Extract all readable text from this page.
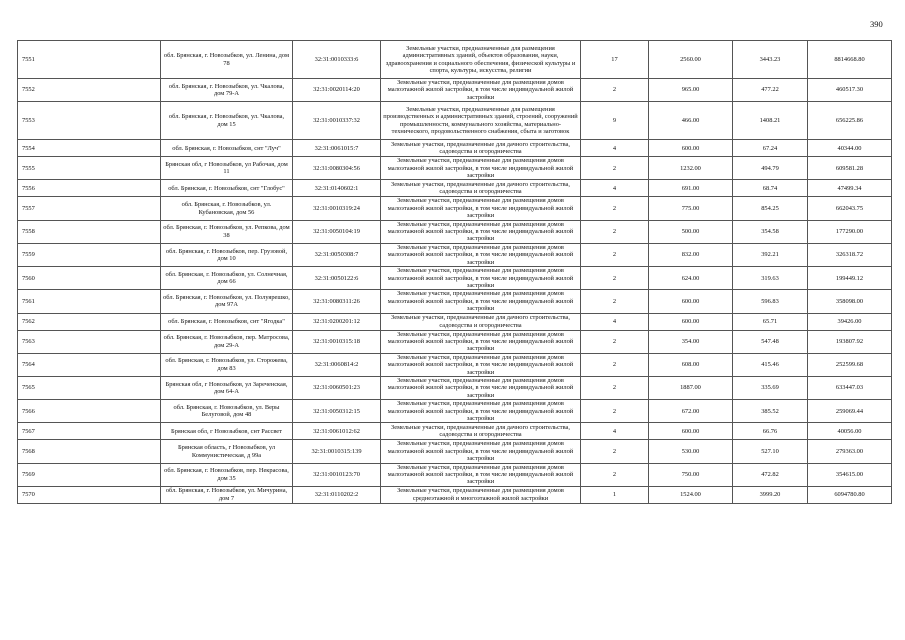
390
7551	обл. Брянская, г. Новозыбков, ул. Ленина, дом 78	32:31:0010333:6	Земельные участки, предназначенные для размещения административных зданий, объектов образования, науки, здравоохранения и социального обеспечения, физической культуры и спорта, культуры, искусства, религии	17	2560.00	3443.23	8814668.80
7552	обл. Брянская, г. Новозыбков, ул. Чкалова, дом 79-А	32:31:0020114:20	Земельные участки, предназначенные для размещения домов малоэтажной жилой застройки, в том числе индивидуальной жилой застройки	2	965.00	477.22	460517.30
7553	обл. Брянская, г. Новозыбков, ул. Чкалова, дом 15	32:31:0010337:32	Земельные участки, предназначенные для размещения производственных и административных зданий, строений, сооружений промышленности, коммунального хозяйства, материально-технического, продовольственного снабжения, сбыта и заготовок	9	466.00	1408.21	656225.86
7554	обл. Брянская, г. Новозыбков, снт "Луч"	32:31:0061015:7	Земельные участки, предназначенные для дачного строительства, садоводства и огородничества	4	600.00	67.24	40344.00
7555	Брянская обл, г Новозыбков, ул Рабочая, дом 11	32:31:0080304:56	Земельные участки, предназначенные для размещения домов малоэтажной жилой застройки, в том числе индивидуальной жилой застройки	2	1232.00	494.79	609581.28
7556	обл. Брянская, г. Новозыбков, снт "Глобус"	32:31:0140602:1	Земельные участки, предназначенные для дачного строительства, садоводства и огородничества	4	691.00	68.74	47499.34
7557	обл. Брянская, г. Новозыбков, ул. Кубановская, дом 56	32:31:0010319:24	Земельные участки, предназначенные для размещения домов малоэтажной жилой застройки, в том числе индивидуальной жилой застройки	2	775.00	854.25	662043.75
7558	обл. Брянская, г. Новозыбков, ул. Репкова, дом 38	32:31:0050104:19	Земельные участки, предназначенные для размещения домов малоэтажной жилой застройки, в том числе индивидуальной жилой застройки	2	500.00	354.58	177290.00
7559	обл. Брянская, г. Новозыбков, пер. Грузовой, дом 10	32:31:0050308:7	Земельные участки, предназначенные для размещения домов малоэтажной жилой застройки, в том числе индивидуальной жилой застройки	2	832.00	392.21	326318.72
7560	обл. Брянская, г. Новозыбков, ул. Солнечная, дом 66	32:31:0050122:6	Земельные участки, предназначенные для размещения домов малоэтажной жилой застройки, в том числе индивидуальной жилой застройки	2	624.00	319.63	199449.12
7561	обл. Брянская, г. Новозыбков, ул. Полуярешко, дом 97А	32:31:0080311:26	Земельные участки, предназначенные для размещения домов малоэтажной жилой застройки, в том числе индивидуальной жилой застройки	2	600.00	596.83	358098.00
7562	обл. Брянская, г. Новозыбков, снт "Ягодка"	32:31:0200201:12	Земельные участки, предназначенные для дачного строительства, садоводства и огородничества	4	600.00	65.71	39426.00
7563	обл. Брянская, г. Новозыбков, пер. Матросова, дом 29-А	32:31:0010315:18	Земельные участки, предназначенные для размещения домов малоэтажной жилой застройки, в том числе индивидуальной жилой застройки	2	354.00	547.48	193807.92
7564	обл. Брянская, г. Новозыбков, ул. Сторожева, дом 83	32:31:0060814:2	Земельные участки, предназначенные для размещения домов малоэтажной жилой застройки, в том числе индивидуальной жилой застройки	2	608.00	415.46	252599.68
7565	Брянская обл, г Новозыбков, ул Зареченская, дом 64-А	32:31:0060501:23	Земельные участки, предназначенные для размещения домов малоэтажной жилой застройки, в том числе индивидуальной жилой застройки	2	1887.00	335.69	633447.03
7566	обл. Брянская, г. Новозыбков, ул. Веры Белуговой, дом 48	32:31:0050312:15	Земельные участки, предназначенные для размещения домов малоэтажной жилой застройки, в том числе индивидуальной жилой застройки	2	672.00	385.52	259069.44
7567	Брянская обл, г Новозыбков, снт Рассвет	32:31:0061012:62	Земельные участки, предназначенные для дачного строительства, садоводства и огородничества	4	600.00	66.76	40056.00
7568	Брянская область, г Новозыбков, ул Коммунистическая, д 99а	32:31:0010315:139	Земельные участки, предназначенные для размещения домов малоэтажной жилой застройки, в том числе индивидуальной жилой застройки	2	530.00	527.10	279363.00
7569	обл. Брянская, г. Новозыбков, пер. Некрасова, дом 35	32:31:0010123:70	Земельные участки, предназначенные для размещения домов малоэтажной жилой застройки, в том числе индивидуальной жилой застройки	2	750.00	472.82	354615.00
7570	обл. Брянская, г. Новозыбков, ул. Мичурина, дом 7	32:31:0110202:2	Земельные участки, предназначенные для размещения домов среднеэтажной и многоэтажной жилой застройки	1	1524.00	3999.20	6094780.80
